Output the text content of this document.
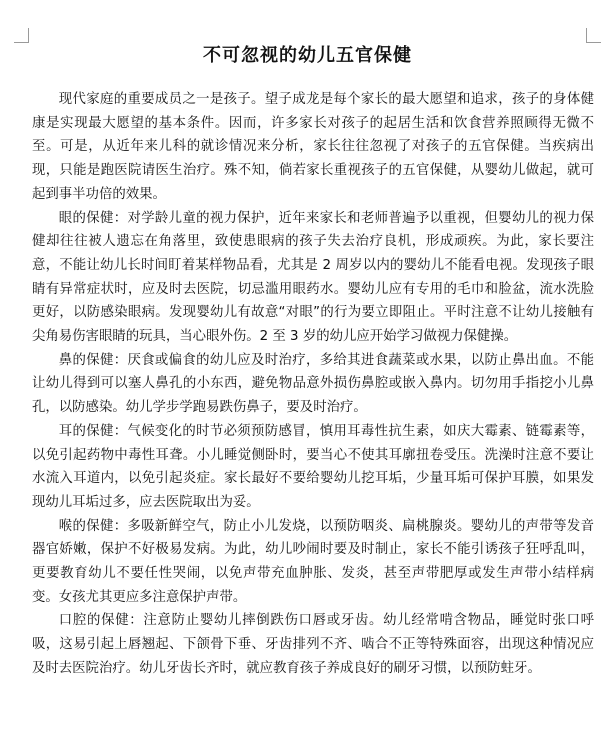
不可忽视的幼儿五官保健

现代家庭的重要成员之一是孩子。望子成龙是每个家长的最大愿望和追求，孩子的身体健康是实现最大愿望的基本条件。因而，许多家长对孩子的起居生活和饮食营养照顾得无微不至。可是，从近年来儿科的就诊情况来分析，家长往往忽视了对孩子的五官保健。当疾病出现，只能是跑医院请医生治疗。殊不知，倘若家长重视孩子的五官保健，从婴幼儿做起，就可起到事半功倍的效果。

眼的保健：对学龄儿童的视力保护，近年来家长和老师普遍予以重视，但婴幼儿的视力保健却往往被人遗忘在角落里，致使患眼病的孩子失去治疗良机，形成顽疾。为此，家长要注意，不能让幼儿长时间盯着某样物品看，尤其是 2 周岁以内的婴幼儿不能看电视。发现孩子眼睛有异常症状时，应及时去医院，切忌滥用眼药水。婴幼儿应有专用的毛巾和脸盆，流水洗脸更好，以防感染眼病。发现婴幼儿有故意“对眼”的行为要立即阻止。平时注意不让幼儿接触有尖角易伤害眼睛的玩具，当心眼外伤。2 至 3 岁的幼儿应开始学习做视力保健操。

鼻的保健：厌食或偏食的幼儿应及时治疗，多给其进食蔬菜或水果，以防止鼻出血。不能让幼儿得到可以塞人鼻孔的小东西，避免物品意外损伤鼻腔或嵌入鼻内。切勿用手指挖小儿鼻孔，以防感染。幼儿学步学跑易跌伤鼻子，要及时治疗。

耳的保健：气候变化的时节必须预防感冒，慎用耳毒性抗生素，如庆大霉素、链霉素等，以免引起药物中毒性耳聋。小儿睡觉侧卧时，要当心不使其耳廓扭卷受压。洗澡时注意不要让水流入耳道内，以免引起炎症。家长最好不要给婴幼儿挖耳垢，少量耳垢可保护耳膜，如果发现幼儿耳垢过多，应去医院取出为妥。

喉的保健：多吸新鲜空气，防止小儿发烧，以预防咽炎、扁桃腺炎。婴幼儿的声带等发音器官娇嫩，保护不好极易发病。为此，幼儿吵闹时要及时制止，家长不能引诱孩子狂呼乱叫，更要教育幼儿不要任性哭闹，以免声带充血肿胀、发炎，甚至声带肥厚或发生声带小结样病变。女孩尤其更应多注意保护声带。

口腔的保健：注意防止婴幼儿摔倒跌伤口唇或牙齿。幼儿经常啃含物品，睡觉时张口呼吸，这易引起上唇翘起、下颌骨下垂、牙齿排列不齐、啮合不正等特殊面容，出现这种情况应及时去医院治疗。幼儿牙齿长齐时，就应教育孩子养成良好的刷牙习惯，以预防蛀牙。
